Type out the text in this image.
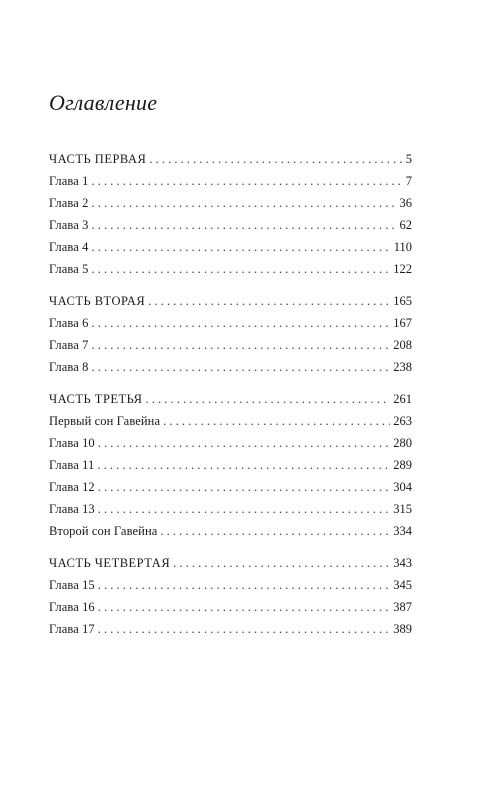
Оглавление
ЧАСТЬ ПЕРВАЯ . . .	5
Глава 1 . . .	7
Глава 2 . . .	36
Глава 3 . . .	62
Глава 4 . . .	110
Глава 5 . . .	122
ЧАСТЬ ВТОРАЯ . . .	165
Глава 6 . . .	167
Глава 7 . . .	208
Глава 8 . . .	238
ЧАСТЬ ТРЕТЬЯ . . .	261
Первый сон Гавейна . . .	263
Глава 10 . . .	280
Глава 11 . . .	289
Глава 12 . . .	304
Глава 13 . . .	315
Второй сон Гавейна . . .	334
ЧАСТЬ ЧЕТВЕРТАЯ . . .	343
Глава 15 . . .	345
Глава 16 . . .	387
Глава 17 . . .	389
